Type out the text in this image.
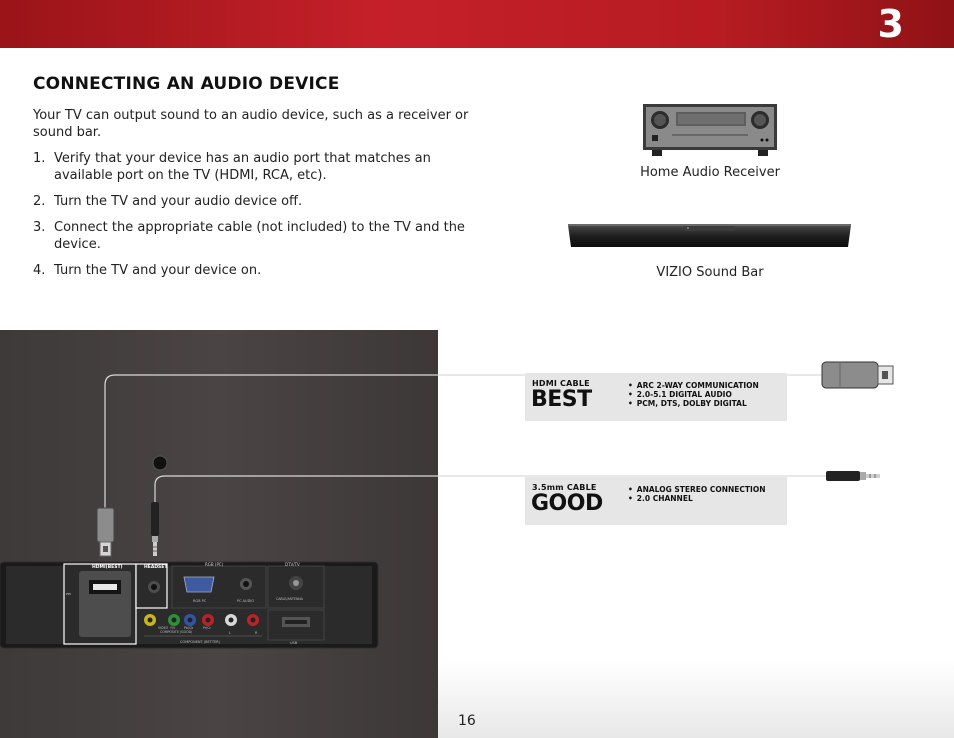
3
CONNECTING AN AUDIO DEVICE

Your TV can output sound to an audio device, such as a receiver or sound bar.

1. Verify that your device has an audio port that matches an available port on the TV (HDMI, RCA, etc).
2. Turn the TV and your audio device off.
3. Connect the appropriate cable (not included) to the TV and the device.
4. Turn the TV and your device on.
Home Audio Receiver
VIZIO Sound Bar
⎓
HDMI(BEST)	HEADSET
RGB (PC)	DTV/TV
RGB PC	PC AUDIO	CABLE/ANTENNA
COMPOSITE (GOOD)
COMPONENT (BETTER)	USB
VIDEO Y/V	Pb/Cb	Pr/Cr
L	R
HDMI CABLE
BEST
• ARC 2-WAY COMMUNICATION
• 2.0-5.1 DIGITAL AUDIO
• PCM, DTS, DOLBY DIGITAL
3.5mm CABLE
GOOD
• ANALOG STEREO CONNECTION
• 2.0 CHANNEL
16
